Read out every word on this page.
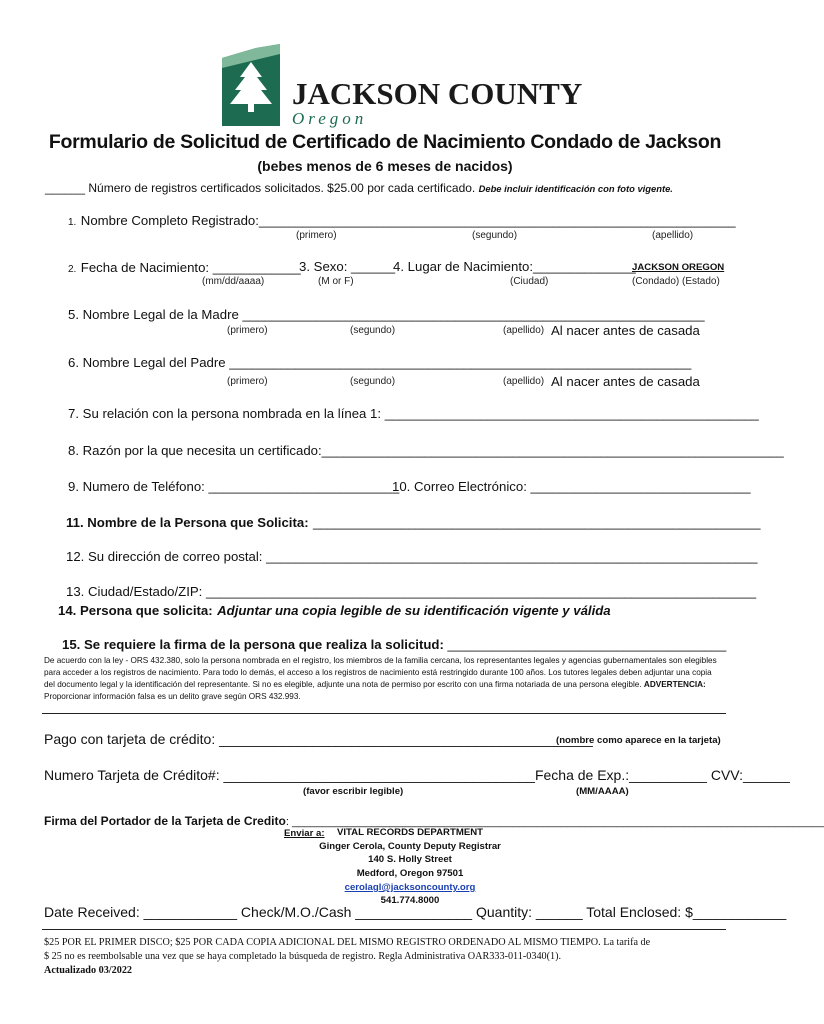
JACKSON COUNTY
Oregon
Formulario de Solicitud de Certificado de Nacimiento Condado de Jackson
(bebes menos de 6 meses de nacidos)
______ Número de registros certificados solicitados. $25.00 por cada certificado. Debe incluir identificación con foto vigente.
1. Nombre Completo Registrado:_________________________________________________________________
(primero)	(segundo)	(apellido)
2. Fecha de Nacimiento: ____________
(mm/dd/aaaa)
3. Sexo: ______
(M or F)
4. Lugar de Nacimiento:______________
JACKSON OREGON
(Ciudad)	(Condado) (Estado)
5. Nombre Legal de la Madre _______________________________________________________________
(primero)	(segundo)	(apellido) Al nacer antes de casada
6. Nombre Legal del Padre _______________________________________________________________
(primero)	(segundo)	(apellido) Al nacer antes de casada
7. Su relación con la persona nombrada en la línea 1: ___________________________________________________
8. Razón por la que necesita un certificado:_______________________________________________________________
9. Numero de Teléfono: __________________________
10. Correo Electrónico: ______________________________
11. Nombre de la Persona que Solicita: _____________________________________________________________
12. Su dirección de correo postal: ___________________________________________________________________
13. Ciudad/Estado/ZIP: ___________________________________________________________________________
14. Persona que solicita: Adjuntar una copia legible de su identificación vigente y válida
15. Se requiere la firma de la persona que realiza la solicitud: ______________________________________
De acuerdo con la ley - ORS 432.380, solo la persona nombrada en el registro, los miembros de la familia cercana, los representantes legales y agencias gubernamentales son elegibles para acceder a los registros de nacimiento. Para todo lo demás, el acceso a los registros de nacimiento está restringido durante 100 años. Los tutores legales deben adjuntar una copia del documento legal y la identificación del representante. Si no es elegible, adjunte una nota de permiso por escrito con una firma notariada de una persona elegible. ADVERTENCIA: Proporcionar información falsa es un delito grave según ORS 432.993.
Pago con tarjeta de crédito: ________________________________________________
(nombre como aparece en la tarjeta)
Numero Tarjeta de Crédito#: ________________________________________Fecha de Exp.:__________ CVV:______
(favor escribir legible)	(MM/AAAA)
Firma del Portador de la Tarjeta de Credito: _______________________________________________________________________________________
Enviar a:	VITAL RECORDS DEPARTMENT
Ginger Cerola, County Deputy Registrar
140 S. Holly Street
Medford, Oregon 97501
cerolagl@jacksoncounty.org
541.774.8000
Date Received: ____________ Check/M.O./Cash _______________ Quantity: ______ Total Enclosed: $____________
$25 POR EL PRIMER DISCO; $25 POR CADA COPIA ADICIONAL DEL MISMO REGISTRO ORDENADO AL MISMO TIEMPO. La tarifa de
$ 25 no es reembolsable una vez que se haya completado la búsqueda de registro. Regla Administrativa OAR333-011-0340(1).
Actualizado 03/2022
